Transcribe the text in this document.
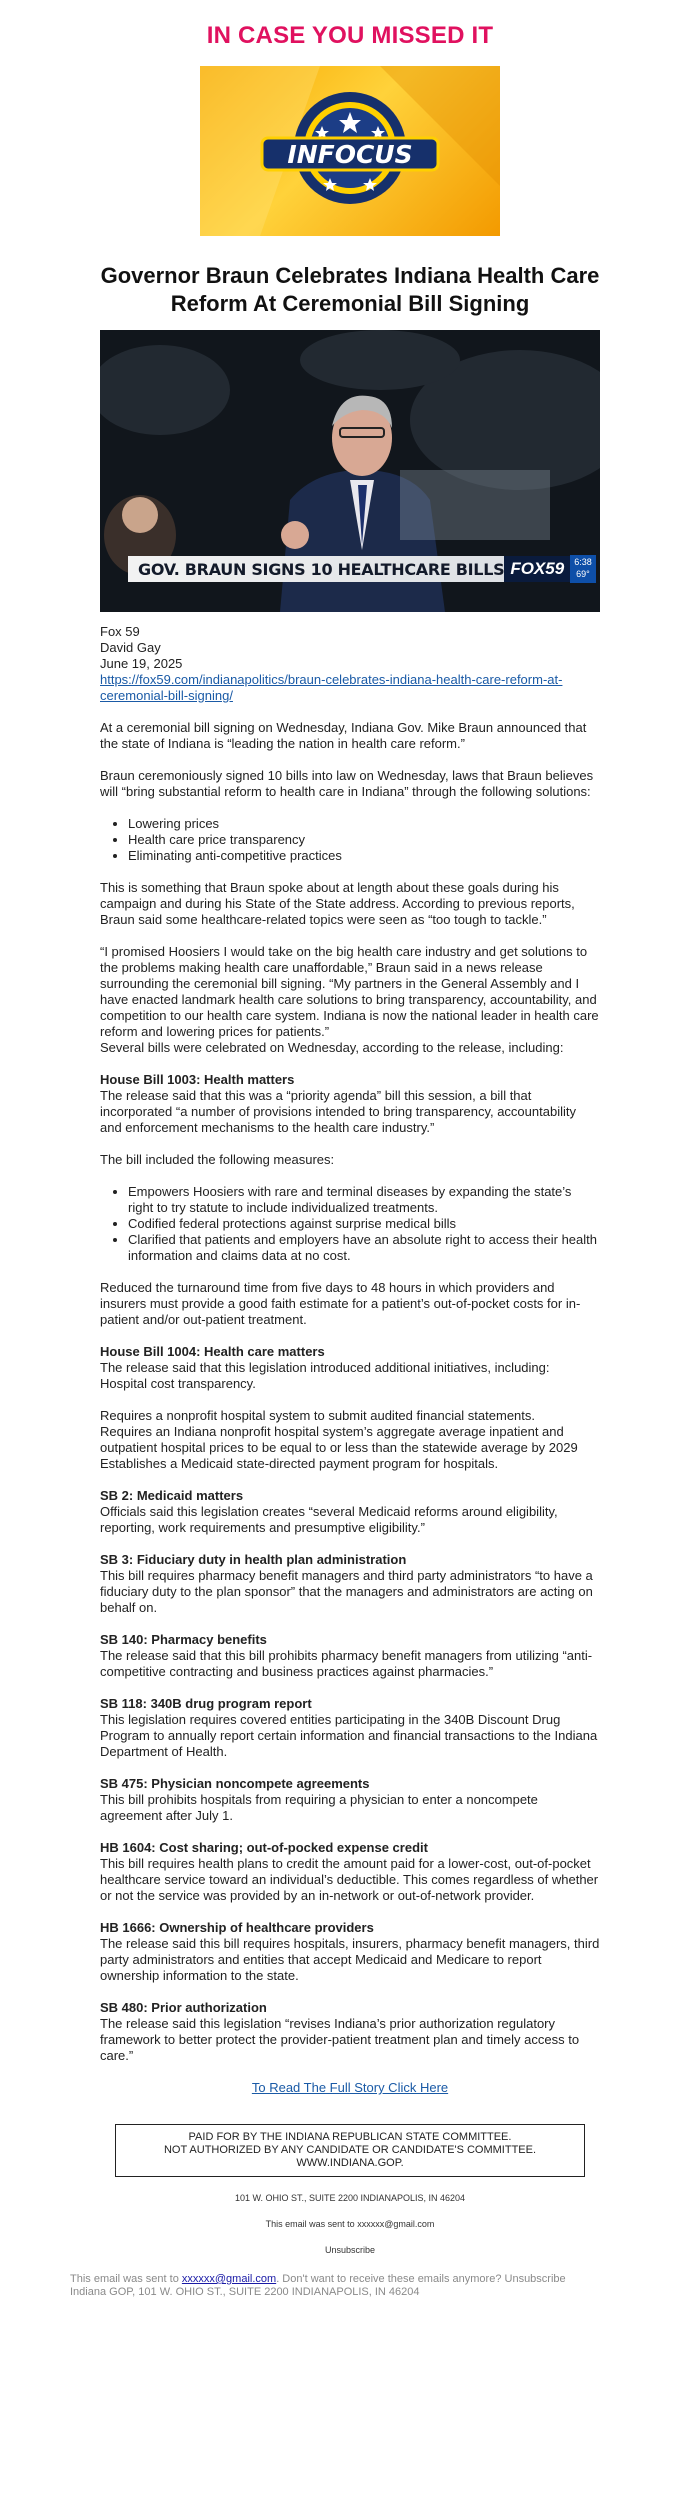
IN CASE YOU MISSED IT
INFOCUS
Governor Braun Celebrates Indiana Health Care Reform At Ceremonial Bill Signing
GOV. BRAUN SIGNS 10 HEALTHCARE BILLS FOX59	6:38
69°
Fox 59
David Gay
June 19, 2025
https://fox59.com/indianapolitics/braun-celebrates-indiana-health-care-reform-at-ceremonial-bill-signing/

At a ceremonial bill signing on Wednesday, Indiana Gov. Mike Braun announced that the state of Indiana is “leading the nation in health care reform.”

Braun ceremoniously signed 10 bills into law on Wednesday, laws that Braun believes will “bring substantial reform to health care in Indiana” through the following solutions:

• Lowering prices
• Health care price transparency
• Eliminating anti-competitive practices

This is something that Braun spoke about at length about these goals during his campaign and during his State of the State address. According to previous reports, Braun said some healthcare-related topics were seen as “too tough to tackle.”

“I promised Hoosiers I would take on the big health care industry and get solutions to the problems making health care unaffordable,” Braun said in a news release surrounding the ceremonial bill signing. “My partners in the General Assembly and I have enacted landmark health care solutions to bring transparency, accountability, and competition to our health care system. Indiana is now the national leader in health care reform and lowering prices for patients.”

Several bills were celebrated on Wednesday, according to the release, including:

House Bill 1003: Health matters
The release said that this was a “priority agenda” bill this session, a bill that incorporated “a number of provisions intended to bring transparency, accountability and enforcement mechanisms to the health care industry.”

The bill included the following measures:

• Empowers Hoosiers with rare and terminal diseases by expanding the state’s right to try statute to include individualized treatments.
• Codified federal protections against surprise medical bills
• Clarified that patients and employers have an absolute right to access their health information and claims data at no cost.

Reduced the turnaround time from five days to 48 hours in which providers and insurers must provide a good faith estimate for a patient’s out-of-pocket costs for in-patient and/or out-patient treatment.

House Bill 1004: Health care matters
The release said that this legislation introduced additional initiatives, including:
Hospital cost transparency.
Requires a nonprofit hospital system to submit audited financial statements.
Requires an Indiana nonprofit hospital system’s aggregate average inpatient and outpatient hospital prices to be equal to or less than the statewide average by 2029
Establishes a Medicaid state-directed payment program for hospitals.
SB 2: Medicaid matters
Officials said this legislation creates “several Medicaid reforms around eligibility, reporting, work requirements and presumptive eligibility.”
SB 3: Fiduciary duty in health plan administration
This bill requires pharmacy benefit managers and third party administrators “to have a fiduciary duty to the plan sponsor” that the managers and administrators are acting on behalf on.
SB 140: Pharmacy benefits
The release said that this bill prohibits pharmacy benefit managers from utilizing “anti-competitive contracting and business practices against pharmacies.”
SB 118: 340B drug program report
This legislation requires covered entities participating in the 340B Discount Drug Program to annually report certain information and financial transactions to the Indiana Department of Health.
SB 475: Physician noncompete agreements
This bill prohibits hospitals from requiring a physician to enter a noncompete agreement after July 1.
HB 1604: Cost sharing; out-of-pocked expense credit
This bill requires health plans to credit the amount paid for a lower-cost, out-of-pocket healthcare service toward an individual’s deductible. This comes regardless of whether or not the service was provided by an in-network or out-of-network provider.
HB 1666: Ownership of healthcare providers
The release said this bill requires hospitals, insurers, pharmacy benefit managers, third party administrators and entities that accept Medicaid and Medicare to report ownership information to the state.
SB 480: Prior authorization
The release said this legislation “revises Indiana’s prior authorization regulatory framework to better protect the provider-patient treatment plan and timely access to care.”
To Read The Full Story Click Here
PAID FOR BY THE INDIANA REPUBLICAN STATE COMMITTEE.
NOT AUTHORIZED BY ANY CANDIDATE OR CANDIDATE'S COMMITTEE.
WWW.INDIANA.GOP.
101 W. OHIO ST., SUITE 2200 INDIANAPOLIS, IN 46204
This email was sent to xxxxxx@gmail.com
Unsubscribe
This email was sent to xxxxxx@gmail.com. Don't want to receive these emails anymore? Unsubscribe
Indiana GOP, 101 W. OHIO ST., SUITE 2200 INDIANAPOLIS, IN 46204
